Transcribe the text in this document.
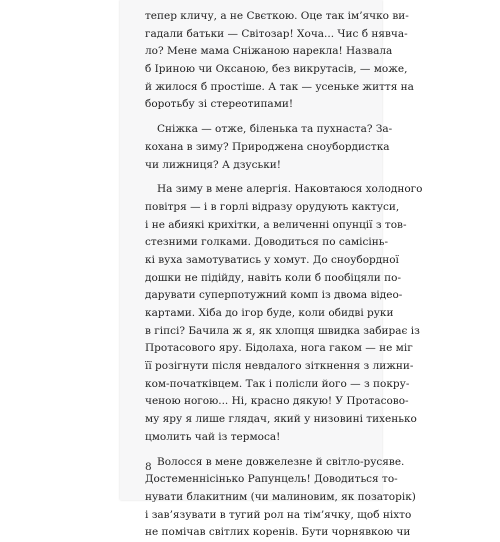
тепер кличу, а не Свєткою. Оце так ім’ячко ви-
гадали батьки — Світозар! Хоча... Чис б нявча-
ло? Мене мама Сніжаною нарекла! Назвала
б Іриною чи Оксаною, без викрутасів, — може,
й жилося б простіше. А так — усеньке життя на
боротьбу зі стереотипами!
Сніжка — отже, біленька та пухнаста? За-
кохана в зиму? Природжена сноубордистка
чи лижниця? А дзуськи!
На зиму в мене алергія. Наковтаюся холодного
повітря — і в горлі відразу орудують кактуси,
і не абиякі крихітки, а величенні опунції з тов-
стезними голками. Доводиться по самісінь-
кі вуха замотуватись у хомут. До сноубордної
дошки не підійду, навіть коли б пообіцяли по-
дарувати суперпотужний комп із двома відео-
картами. Хіба до ігор буде, коли обидві руки
в гіпсі? Бачила ж я, як хлопця швидка забирає із
Протасового яру. Бідолаха, нога гаком — не міг
її розігнути після невдалого зіткнення з лижни-
ком-початківцем. Так і полісли його — з покру-
ченою ногою... Ні, красно дякую! У Протасово-
му яру я лише глядач, який у низовині тихенько
цмолить чай із термоса!
Волосся в мене довжелезне й світло-русяве.
Достеменнісінько Рапунцель! Доводиться то-
нувати блакитним (чи малиновим, як позаторік)
і зав’язувати в тугий рол на тім’ячку, щоб ніхто
не помічав світлих коренів. Бути чорнявкою чи
8
